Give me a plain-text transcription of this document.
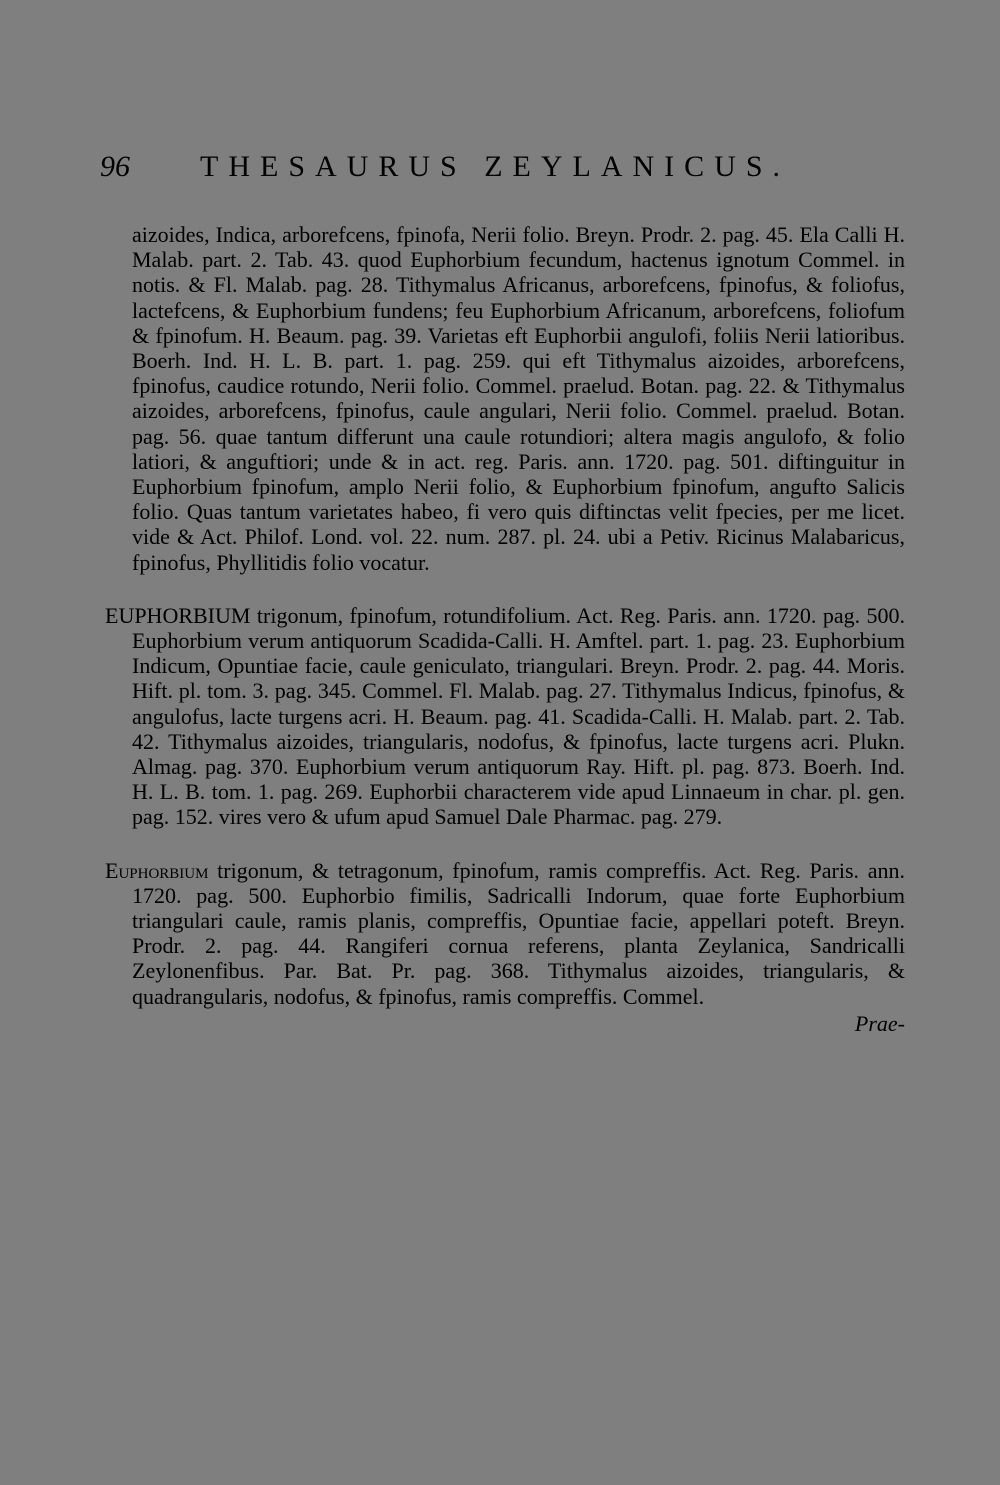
96 THESAURUS ZEYLANICUS.

aizoides, Indica, arborefcens, fpinofa, Nerii folio. Breyn. Prodr. 2. pag. 45. Ela Calli H. Malab. part. 2. Tab. 43. quod Euphorbium fecundum, hactenus ignotum Commel. in notis. & Fl. Malab. pag. 28. Tithymalus Africanus, arborefcens, fpinofus, & foliofus, lactefcens, & Euphorbium fundens; feu Euphorbium Africanum, arborefcens, foliofum & fpinofum. H. Beaum. pag. 39. Varietas eft Euphorbii angulofi, foliis Nerii latioribus. Boerh. Ind. H. L. B. part. 1. pag. 259. qui eft Tithymalus aizoides, arborefcens, fpinofus, caudice rotundo, Nerii folio. Commel. praelud. Botan. pag. 22. & Tithymalus aizoides, arborefcens, fpinofus, caule angulari, Nerii folio. Commel. praelud. Botan. pag. 56. quae tantum differunt una caule rotundiori; altera magis angulofo, & folio latiori, & anguftiori; unde & in act. reg. Paris. ann. 1720. pag. 501. diftinguitur in Euphorbium fpinofum, amplo Nerii folio, & Euphorbium fpinofum, angufto Salicis folio. Quas tantum varietates habeo, fi vero quis diftinctas velit fpecies, per me licet. vide & Act. Philof. Lond. vol. 22. num. 287. pl. 24. ubi a Petiv. Ricinus Malabaricus, fpinofus, Phyllitidis folio vocatur.

EUPHORBIUM trigonum, fpinofum, rotundifolium. Act. Reg. Paris. ann. 1720. pag. 500. Euphorbium verum antiquorum Scadida-Calli. H. Amftel. part. 1. pag. 23. Euphorbium Indicum, Opuntiae facie, caule geniculato, triangulari. Breyn. Prodr. 2. pag. 44. Moris. Hift. pl. tom. 3. pag. 345. Commel. Fl. Malab. pag. 27. Tithymalus Indicus, fpinofus, & angulofus, lacte turgens acri. H. Beaum. pag. 41. Scadida-Calli. H. Malab. part. 2. Tab. 42. Tithymalus aizoides, triangularis, nodofus, & fpinofus, lacte turgens acri. Plukn. Almag. pag. 370. Euphorbium verum antiquorum Ray. Hift. pl. pag. 873. Boerh. Ind. H. L. B. tom. 1. pag. 269. Euphorbii characterem vide apud Linnaeum in char. pl. gen. pag. 152. vires vero & ufum apud Samuel Dale Pharmac. pag. 279.

Euphorbium trigonum, & tetragonum, fpinofum, ramis compreffis. Act. Reg. Paris. ann. 1720. pag. 500. Euphorbio fimilis, Sadricalli Indorum, quae forte Euphorbium triangulari caule, ramis planis, compreffis, Opuntiae facie, appellari poteft. Breyn. Prodr. 2. pag. 44. Rangiferi cornua referens, planta Zeylanica, Sandricalli Zeylonenfibus. Par. Bat. Pr. pag. 368. Tithymalus aizoides, triangularis, & quadrangularis, nodofus, & fpinofus, ramis compreffis. Commel.

Prae-
